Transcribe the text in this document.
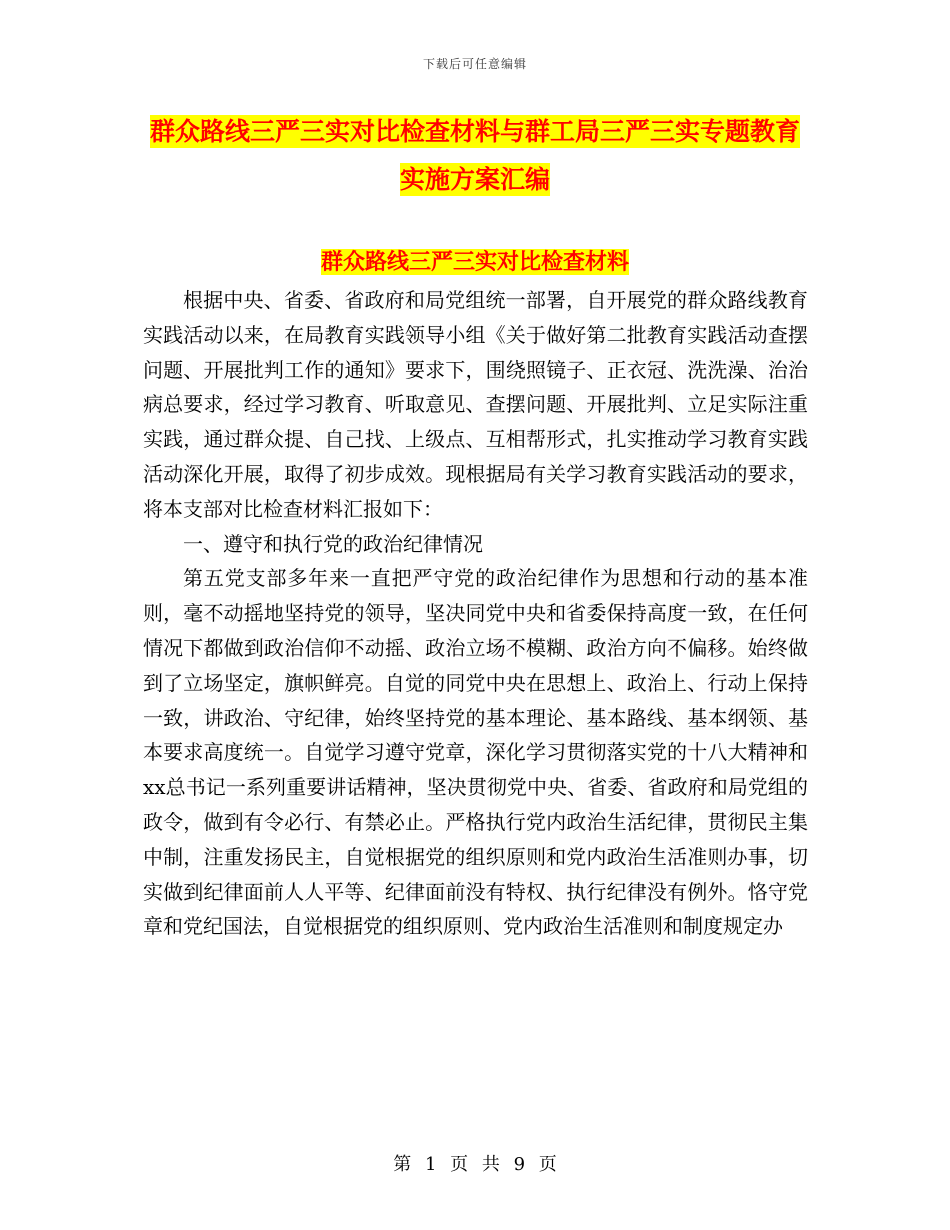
下载后可任意编辑
群众路线三严三实对比检查材料与群工局三严三实专题教育实施方案汇编
群众路线三严三实对比检查材料

根据中央、省委、省政府和局党组统一部署，自开展党的群众路线教育实践活动以来，在局教育实践领导小组《关于做好第二批教育实践活动查摆问题、开展批判工作的通知》要求下，围绕照镜子、正衣冠、洗洗澡、治治病总要求，经过学习教育、听取意见、查摆问题、开展批判、立足实际注重实践，通过群众提、自己找、上级点、互相帮形式，扎实推动学习教育实践活动深化开展，取得了初步成效。现根据局有关学习教育实践活动的要求，将本支部对比检查材料汇报如下：

一、遵守和执行党的政治纪律情况

第五党支部多年来一直把严守党的政治纪律作为思想和行动的基本准则，毫不动摇地坚持党的领导，坚决同党中央和省委保持高度一致，在任何情况下都做到政治信仰不动摇、政治立场不模糊、政治方向不偏移。始终做到了立场坚定，旗帜鲜亮。自觉的同党中央在思想上、政治上、行动上保持一致，讲政治、守纪律，始终坚持党的基本理论、基本路线、基本纲领、基本要求高度统一。自觉学习遵守党章，深化学习贯彻落实党的十八大精神和xx总书记一系列重要讲话精神，坚决贯彻党中央、省委、省政府和局党组的政令，做到有令必行、有禁必止。严格执行党内政治生活纪律，贯彻民主集中制，注重发扬民主，自觉根据党的组织原则和党内政治生活准则办事，切实做到纪律面前人人平等、纪律面前没有特权、执行纪律没有例外。恪守党章和党纪国法，自觉根据党的组织原则、党内政治生活准则和制度规定办

第 1 页 共 9 页
